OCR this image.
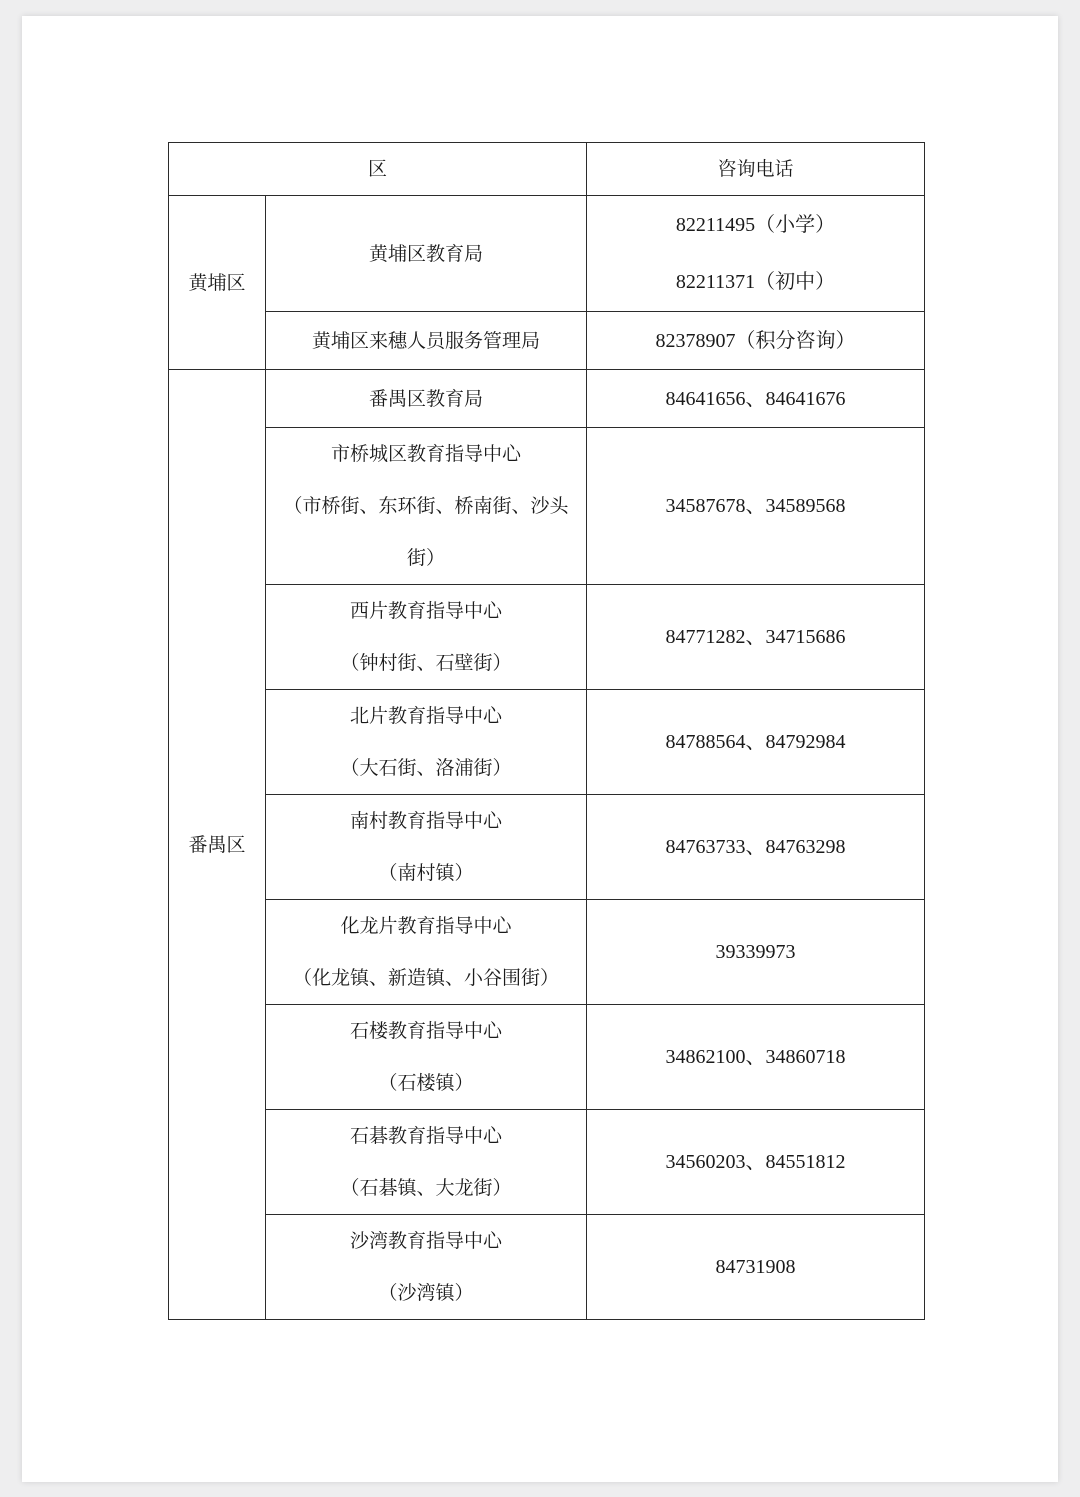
区		咨询电话
黄埔区	黄埔区教育局	82211495（小学）
82211371（初中）

	黄埔区来穗人员服务管理局	82378907（积分咨询）
番禺区	番禺区教育局	84641656、84641676

	市桥城区教育指导中心
（市桥街、东环街、桥南街、沙头街）	34587678、34589568

	西片教育指导中心
（钟村街、石壁街）	84771282、34715686

	北片教育指导中心
（大石街、洛浦街）	84788564、84792984

	南村教育指导中心
（南村镇）	84763733、84763298

	化龙片教育指导中心
（化龙镇、新造镇、小谷围街）	39339973

	石楼教育指导中心
（石楼镇）	34862100、34860718

	石碁教育指导中心
（石碁镇、大龙街）	34560203、84551812

	沙湾教育指导中心
（沙湾镇）	84731908
